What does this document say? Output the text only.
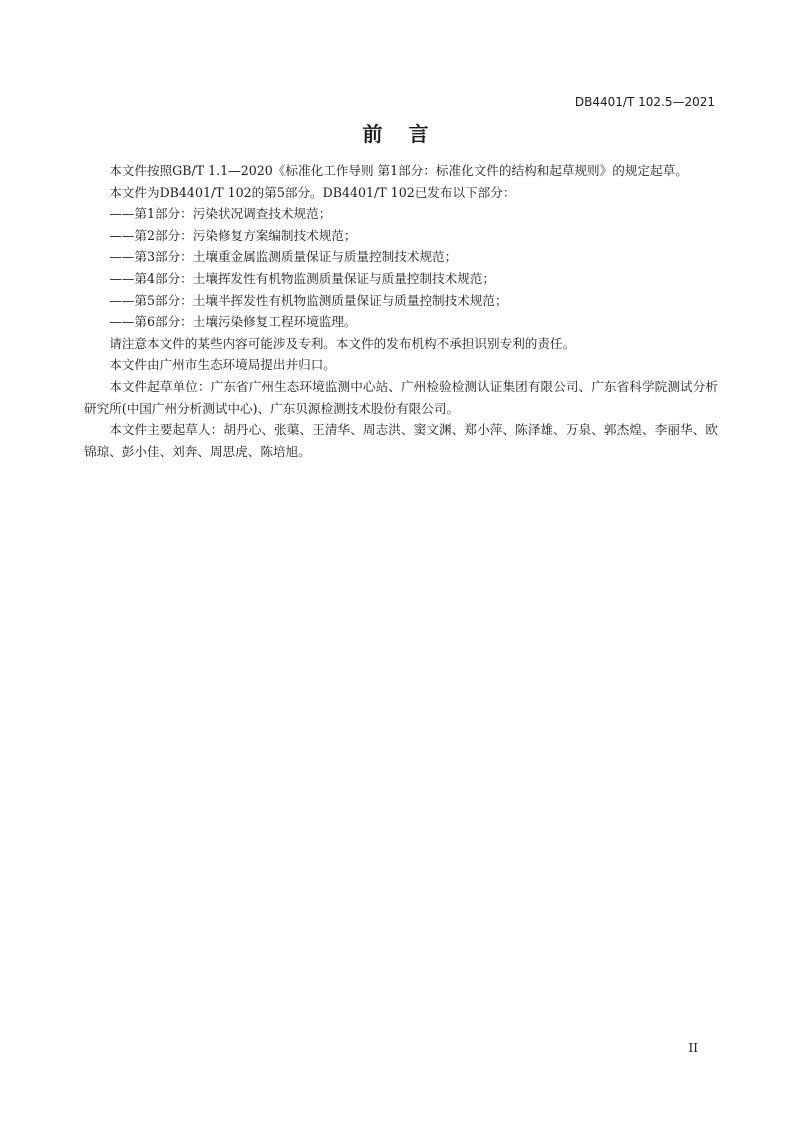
DB4401/T 102.5—2021
前 言

本文件按照GB/T 1.1—2020《标准化工作导则 第1部分：标准化文件的结构和起草规则》的规定起草。

本文件为DB4401/T 102的第5部分。DB4401/T 102已发布以下部分：

——第1部分：污染状况调查技术规范；

——第2部分：污染修复方案编制技术规范；

——第3部分：土壤重金属监测质量保证与质量控制技术规范；

——第4部分：土壤挥发性有机物监测质量保证与质量控制技术规范；

——第5部分：土壤半挥发性有机物监测质量保证与质量控制技术规范；

——第6部分：土壤污染修复工程环境监理。

请注意本文件的某些内容可能涉及专利。本文件的发布机构不承担识别专利的责任。

本文件由广州市生态环境局提出并归口。

本文件起草单位：广东省广州生态环境监测中心站、广州检验检测认证集团有限公司、广东省科学院测试分析研究所(中国广州分析测试中心)、广东贝源检测技术股份有限公司。

本文件主要起草人：胡丹心、张蕖、王清华、周志洪、窦文渊、郑小萍、陈泽雄、万泉、郭杰煌、李丽华、欧锦琼、彭小佳、刘奔、周思虎、陈培旭。

II
